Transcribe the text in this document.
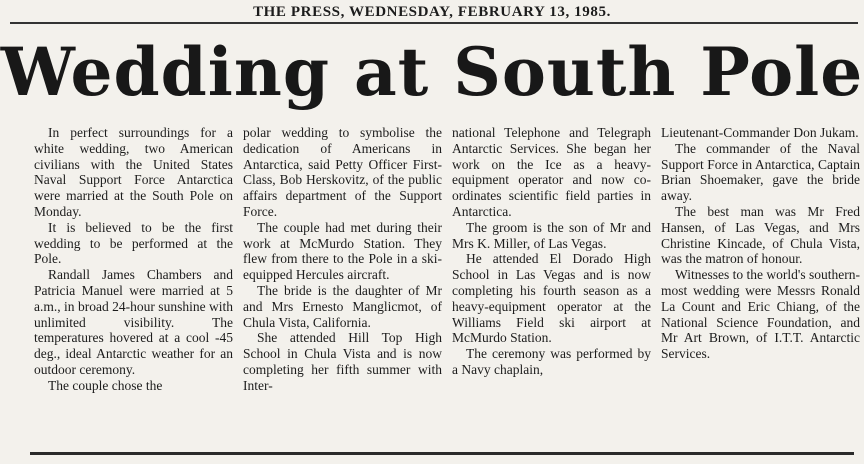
THE PRESS, WEDNESDAY, FEBRUARY 13, 1985.
Wedding at South Pole

In perfect surroundings for a white wedding, two American civilians with the United States Naval Support Force Antarctica were married at the South Pole on Monday.

It is believed to be the first wedding to be performed at the Pole.

Randall James Chambers and Patricia Manuel were married at 5 a.m., in broad 24-hour sunshine with unlimited visibility. The temperatures hovered at a cool -45 deg., ideal Antarctic weather for an outdoor ceremony.

The couple chose the

polar wedding to symbolise the dedication of Americans in Antarctica, said Petty Officer First-Class, Bob Herskovitz, of the public affairs department of the Support Force.

The couple had met during their work at McMurdo Station. They flew from there to the Pole in a ski-equipped Hercules aircraft.

The bride is the daughter of Mr and Mrs Ernesto Manglicmot, of Chula Vista, California.

She attended Hill Top High School in Chula Vista and is now completing her fifth summer with Inter-

national Telephone and Telegraph Antarctic Services. She began her work on the Ice as a heavy-equipment operator and now co-ordinates scientific field parties in Antarctica.

The groom is the son of Mr and Mrs K. Miller, of Las Vegas.

He attended El Dorado High School in Las Vegas and is now completing his fourth season as a heavy-equipment operator at the Williams Field ski airport at McMurdo Station.

The ceremony was performed by a Navy chaplain,

Lieutenant-Commander Don Jukam.

The commander of the Naval Support Force in Antarctica, Captain Brian Shoemaker, gave the bride away.

The best man was Mr Fred Hansen, of Las Vegas, and Mrs Christine Kincade, of Chula Vista, was the matron of honour.

Witnesses to the world's southern-most wedding were Messrs Ronald La Count and Eric Chiang, of the National Science Foundation, and Mr Art Brown, of I.T.T. Antarctic Services.
